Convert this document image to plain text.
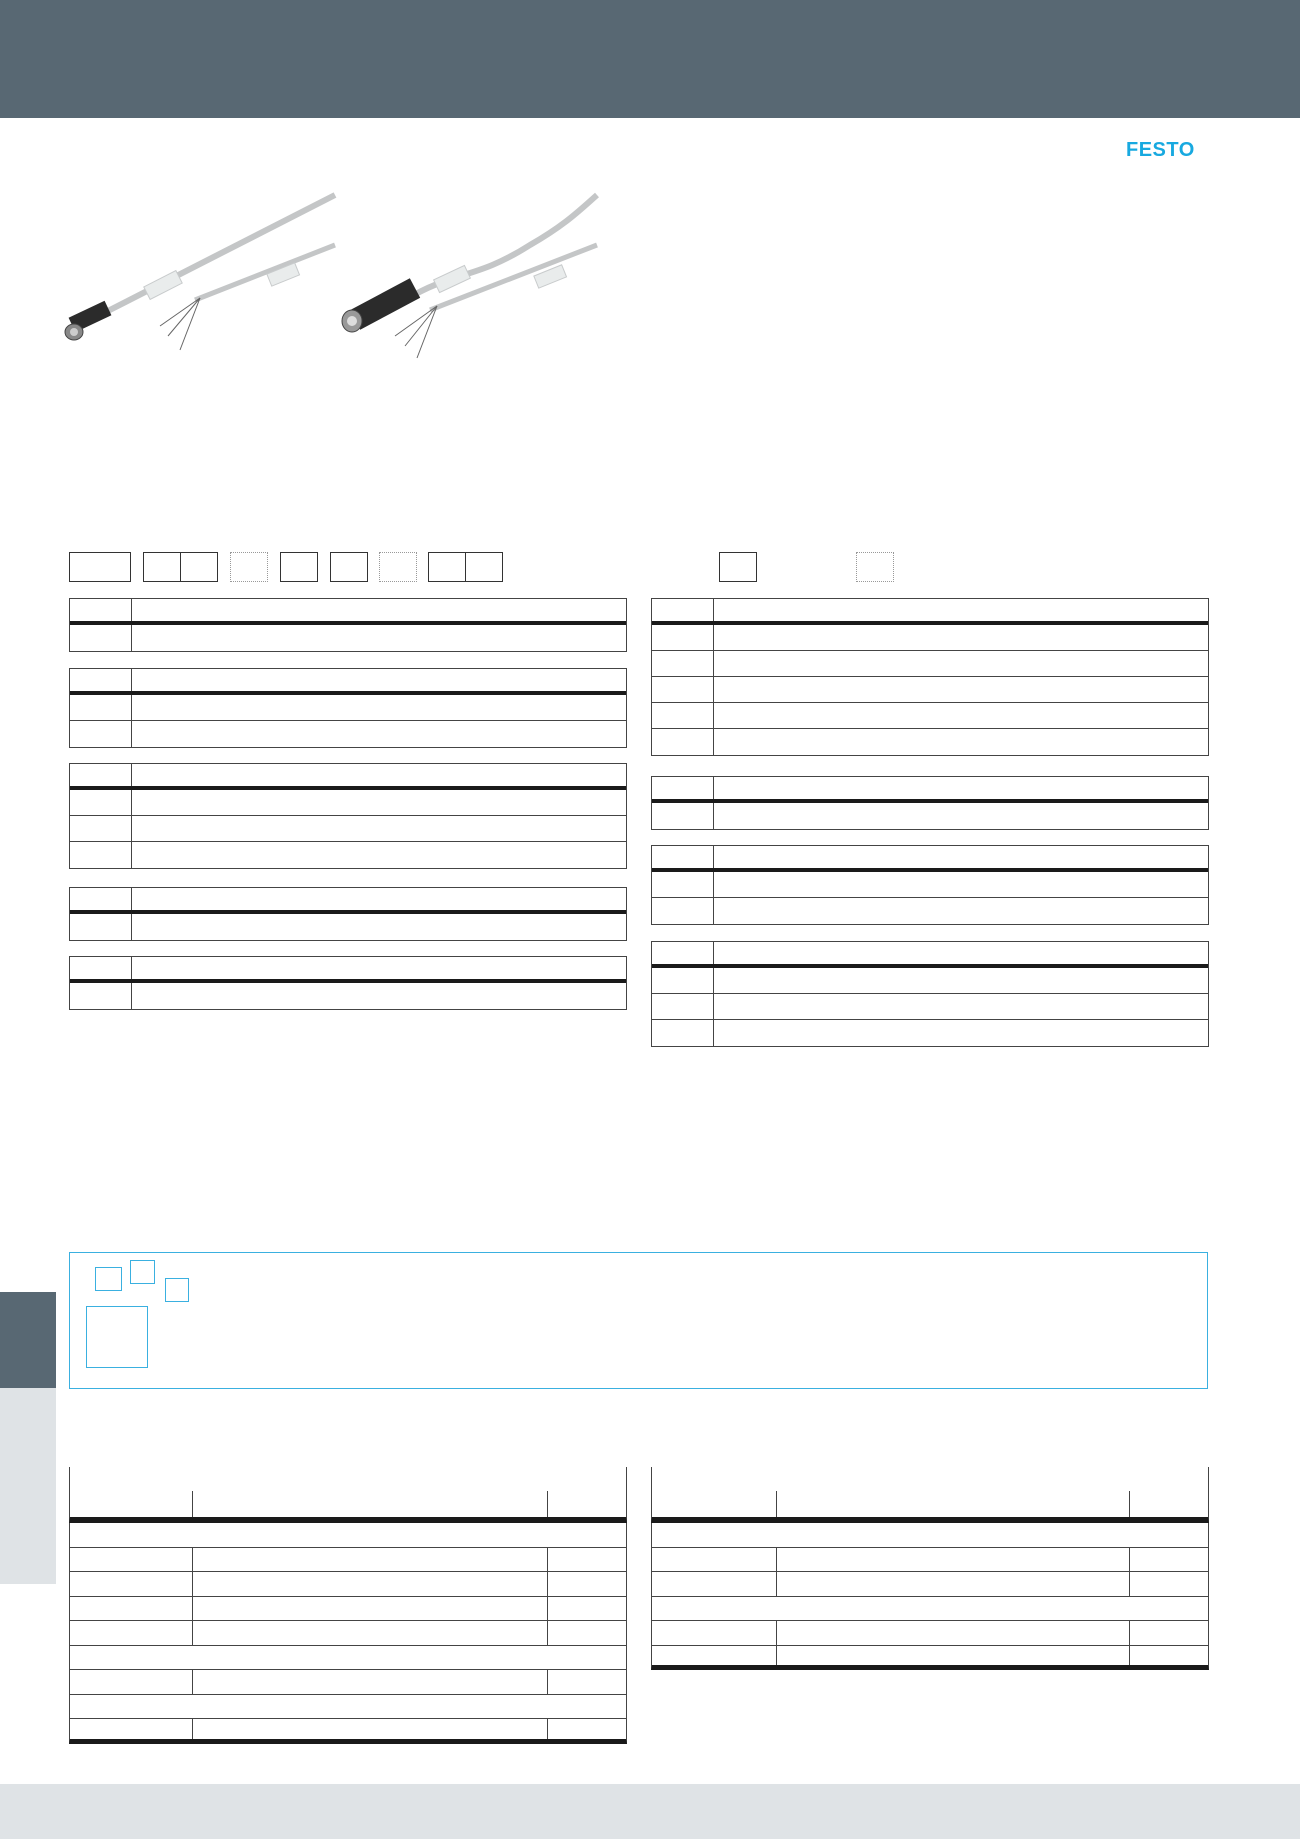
FESTO
